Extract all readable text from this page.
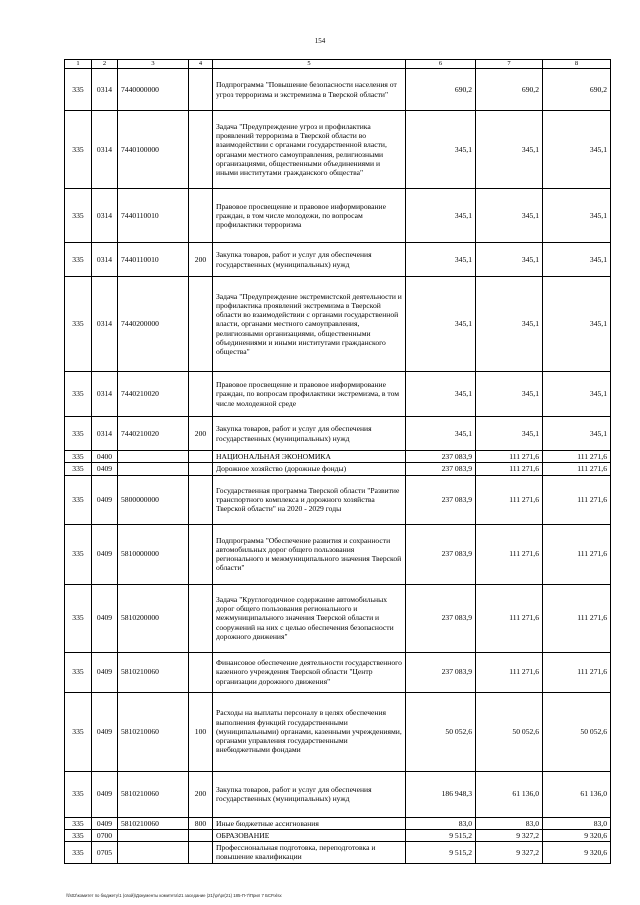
154
1	2	3	4	5	6	7	8
335	0314	7440000000		Подпрограмма "Повышение безопасности населения от угроз терроризма и экстремизма в Тверской области"	690,2	690,2	690,2
335	0314	7440100000		Задача "Предупреждение угроз и профилактика проявлений терроризма в Тверской области во взаимодействии с органами государственной власти, органами местного самоуправления, религиозными организациями, общественными объединениями и иными институтами гражданского общества"	345,1	345,1	345,1
335	0314	7440110010		Правовое просвещение и правовое информирование граждан, в том числе молодежи, по вопросам профилактики терроризма	345,1	345,1	345,1
335	0314	7440110010	200	Закупка товаров, работ и услуг для обеспечения государственных (муниципальных) нужд	345,1	345,1	345,1
335	0314	7440200000		Задача "Предупреждение экстремистской деятельности и профилактика проявлений экстремизма в Тверской области во взаимодействии с органами государственной власти, органами местного самоуправления, религиозными организациями, общественными объединениями и иными институтами гражданского общества"	345,1	345,1	345,1
335	0314	7440210020		Правовое просвещение и правовое информирование граждан, по вопросам профилактики экстремизма, в том числе молодежной среде	345,1	345,1	345,1
335	0314	7440210020	200	Закупка товаров, работ и услуг для обеспечения государственных (муниципальных) нужд	345,1	345,1	345,1
335	0400			НАЦИОНАЛЬНАЯ ЭКОНОМИКА	237 083,9	111 271,6	111 271,6
335	0409			Дорожное хозяйство (дорожные фонды)	237 083,9	111 271,6	111 271,6
335	0409	5800000000		Государственная программа Тверской области "Развитие транспортного комплекса и дорожного хозяйства Тверской области" на 2020 - 2029 годы	237 083,9	111 271,6	111 271,6
335	0409	5810000000		Подпрограмма "Обеспечение развития и сохранности автомобильных дорог общего пользования регионального и межмуниципального значения Тверской области"	237 083,9	111 271,6	111 271,6
335	0409	5810200000		Задача "Круглогодичное содержание автомобильных дорог общего пользования регионального и межмуниципального значения Тверской области и сооружений на них с целью обеспечения безопасности дорожного движения"	237 083,9	111 271,6	111 271,6
335	0409	5810210060		Финансовое обеспечение деятельности государственного казенного учреждения Тверской области "Центр организации дорожного движения"	237 083,9	111 271,6	111 271,6
335	0409	5810210060	100	Расходы на выплаты персоналу в целях обеспечения выполнения функций государственными (муниципальными) органами, казенными учреждениями, органами управления государственными внебюджетными фондами	50 052,6	50 052,6	50 052,6
335	0409	5810210060	200	Закупка товаров, работ и услуг для обеспечения государственных (муниципальных) нужд	186 948,3	61 136,0	61 136,0
335	0409	5810210060	800	Иные бюджетные ассигнования	83,0	83,0	83,0
335	0700			ОБРАЗОВАНИЕ	9 515,2	9 327,2	9 320,6
335	0705			Профессиональная подготовка, переподготовка и повышение квалификации	9 515,2	9 327,2	9 320,6
\\fs02\комитет по бюджету\1 (свой)\Документы комитета\21 заседание (21)\pr\pr(21) 185-П-7\Прил 7 БСР.xlsx
